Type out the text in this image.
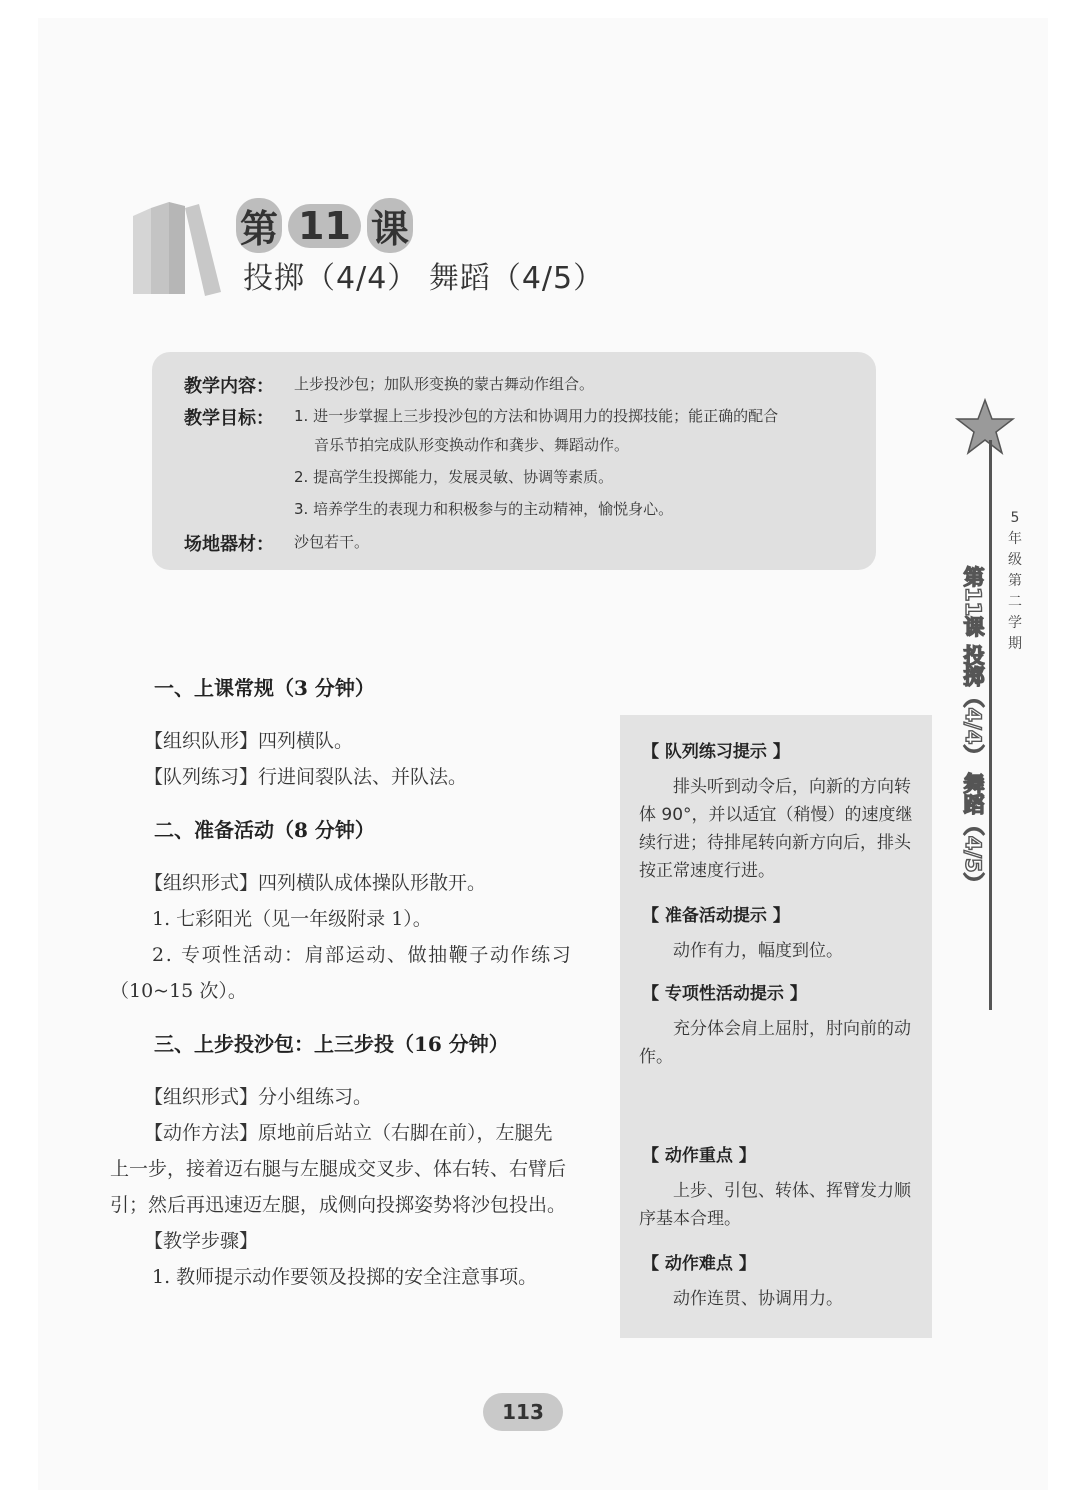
第 11 课
投掷（4/4） 舞蹈（4/5）
教学内容：	上步投沙包；加队形变换的蒙古舞动作组合。
教学目标：	1. 进一步掌握上三步投沙包的方法和协调用力的投掷技能；能正确的配合
音乐节拍完成队形变换动作和龚步、舞蹈动作。
2. 提高学生投掷能力，发展灵敏、协调等素质。
3. 培养学生的表现力和积极参与的主动精神，愉悦身心。
场地器材：	沙包若干。
5年级 第二学期
第11课 投掷（4/4） 舞蹈（4/5）
一、上课常规（3 分钟）
【组织队形】四列横队。
【队列练习】行进间裂队法、并队法。
二、准备活动（8 分钟）
【组织形式】四列横队成体操队形散开。
1. 七彩阳光（见一年级附录 1）。
2. 专项性活动：肩部运动、做抽鞭子动作练习
（10~15 次）。
三、上步投沙包：上三步投（16 分钟）
【组织形式】分小组练习。
【动作方法】原地前后站立（右脚在前），左腿先
上一步，接着迈右腿与左腿成交叉步、体右转、右臂后
引；然后再迅速迈左腿，成侧向投掷姿势将沙包投出。
【教学步骤】
1. 教师提示动作要领及投掷的安全注意事项。
【 队列练习提示 】
排头听到动令后，向新的方向转体 90°，并以适宜（稍慢）的速度继续行进；待排尾转向新方向后，排头按正常速度行进。
【 准备活动提示 】
动作有力，幅度到位。
【 专项性活动提示 】
充分体会肩上屈肘，肘向前的动作。
【 动作重点 】
上步、引包、转体、挥臂发力顺序基本合理。
【 动作难点 】
动作连贯、协调用力。
113
